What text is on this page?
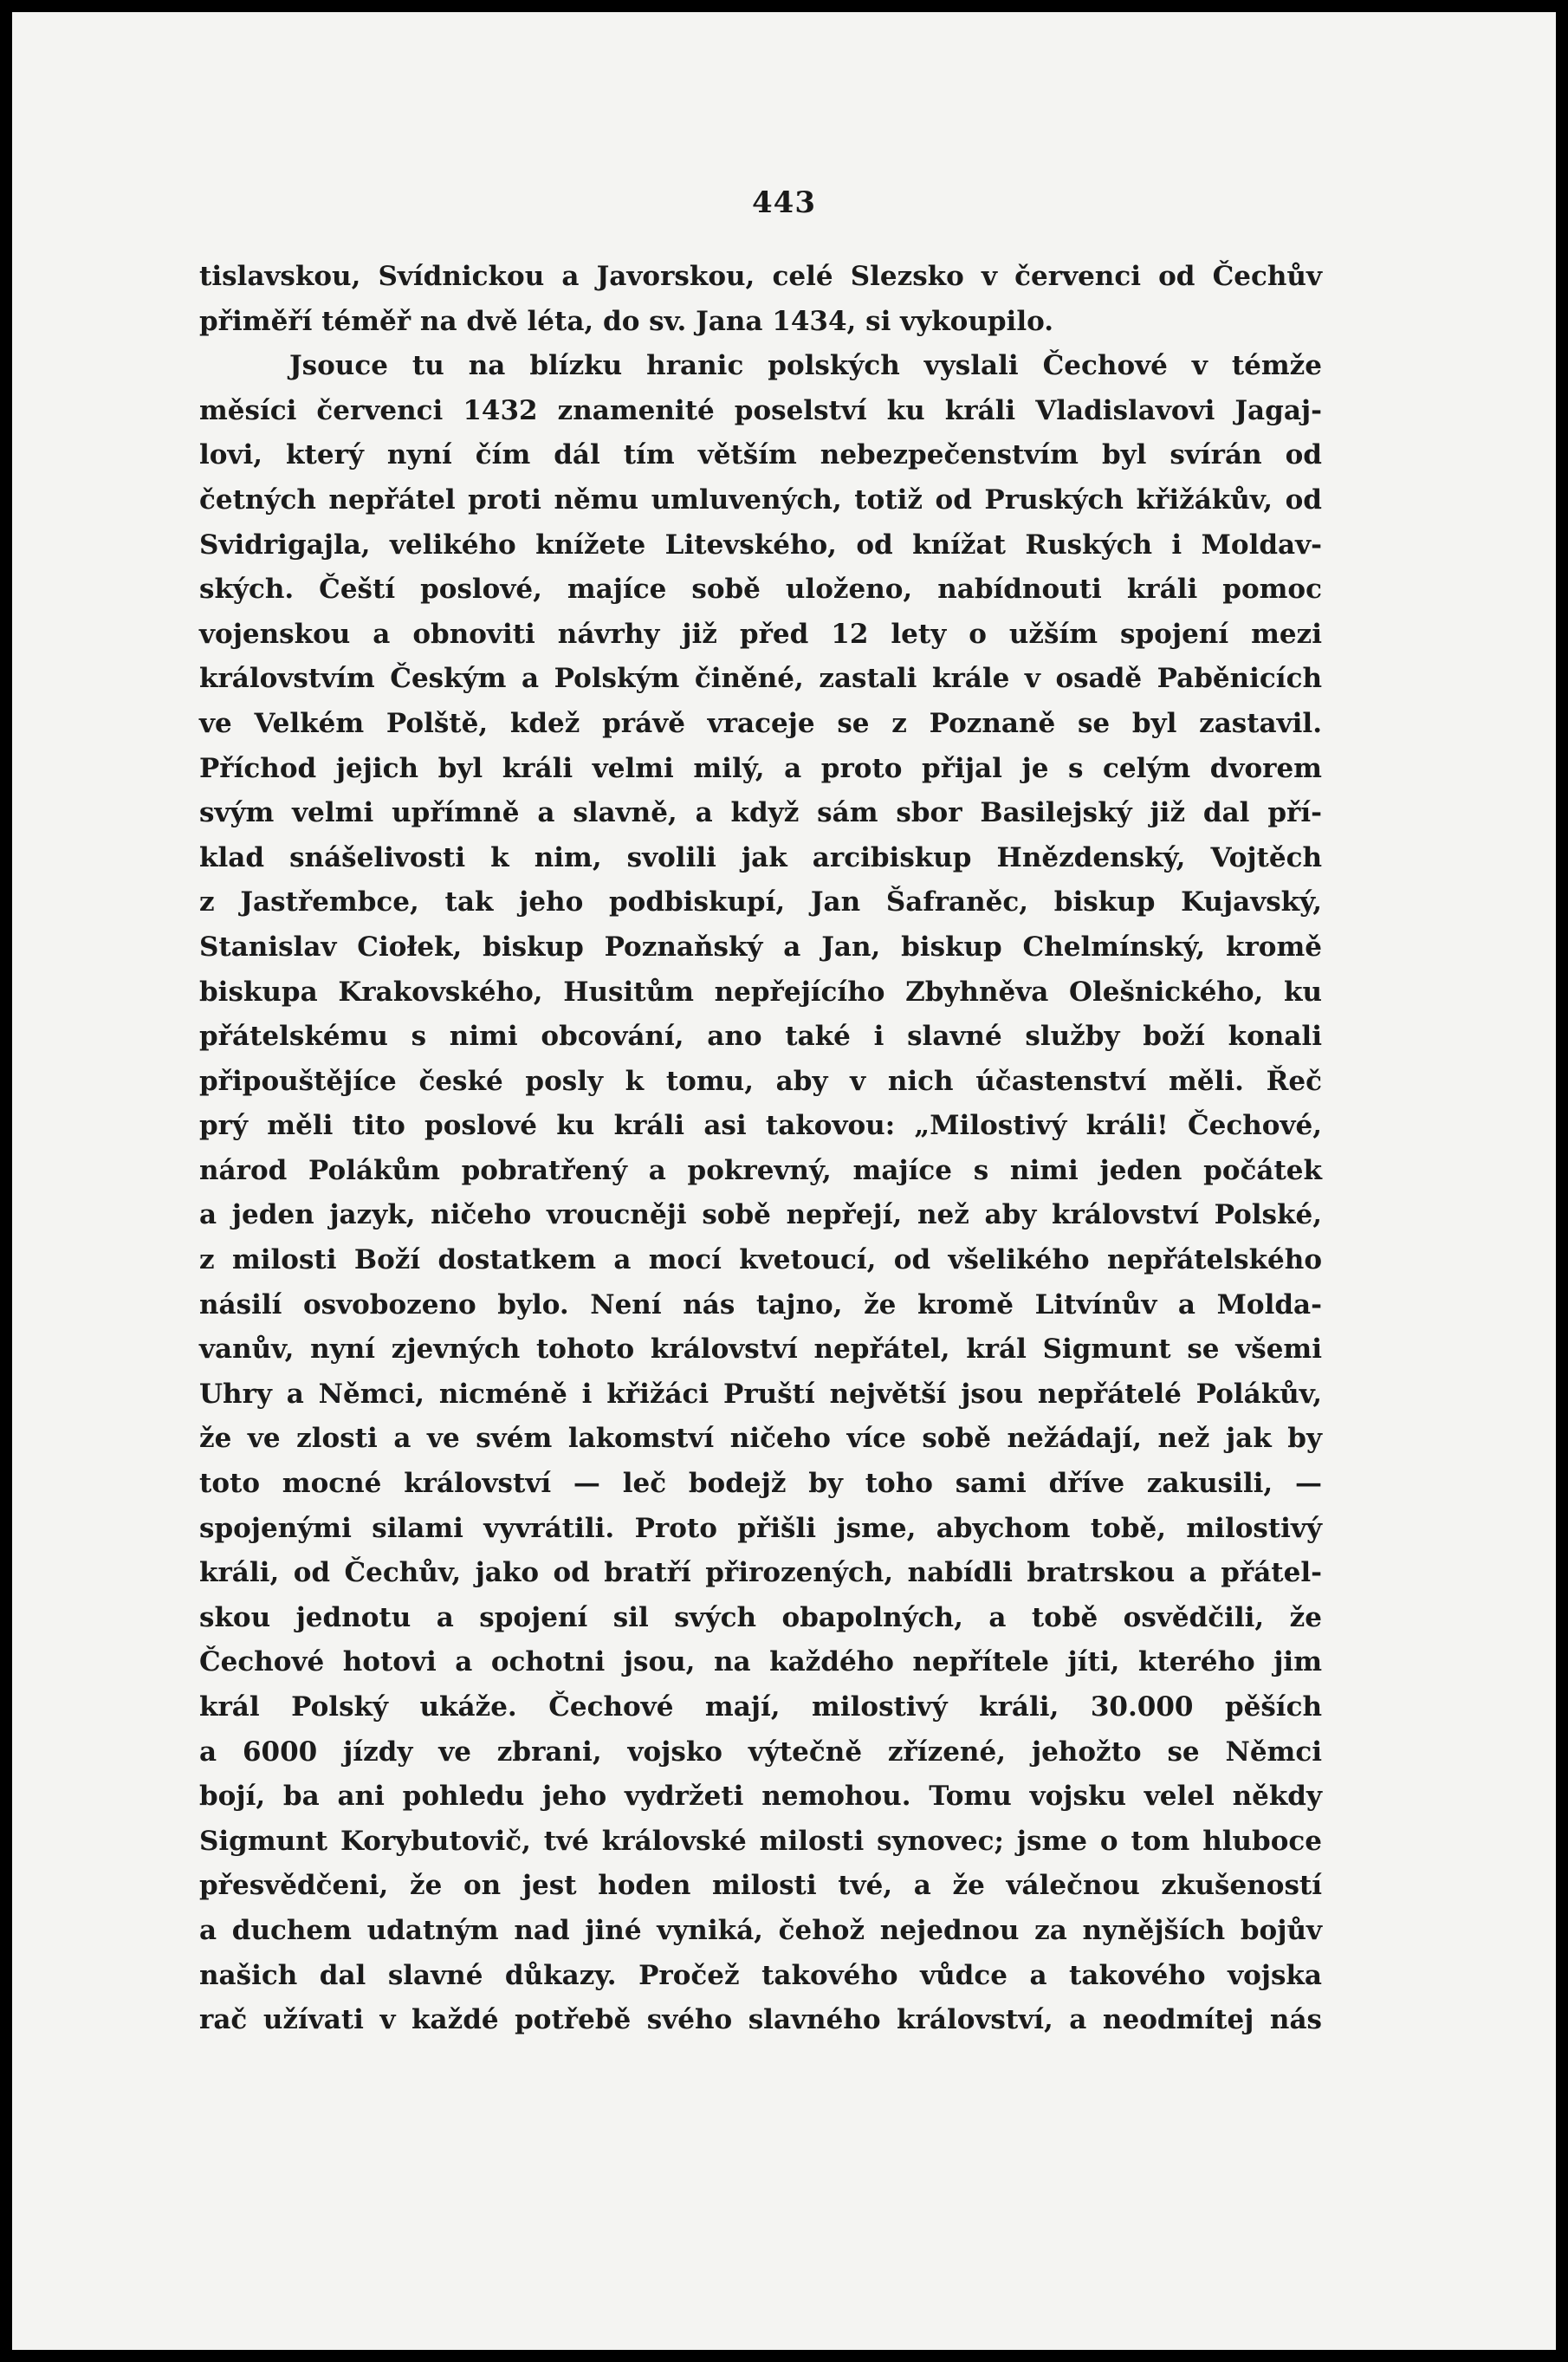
443
tislavskou, Svídnickou a Javorskou, celé Slezsko v červenci od Čechův
přiměří téměř na dvě léta, do sv. Jana 1434, si vykoupilo.
Jsouce tu na blízku hranic polských vyslali Čechové v témže
měsíci červenci 1432 znamenité poselství ku králi Vladislavovi Jagaj-
lovi, který nyní čím dál tím větším nebezpečenstvím byl svírán od
četných nepřátel proti němu umluvených, totiž od Pruských křižákův, od
Svidrigajla, velikého knížete Litevského, od knížat Ruských i Moldav-
ských. Čeští poslové, majíce sobě uloženo, nabídnouti králi pomoc
vojenskou a obnoviti návrhy již před 12 lety o užším spojení mezi
královstvím Českým a Polským činěné, zastali krále v osadě Paběnicích
ve Velkém Polště, kdež právě vraceje se z Poznaně se byl zastavil.
Příchod jejich byl králi velmi milý, a proto přijal je s celým dvorem
svým velmi upřímně a slavně, a když sám sbor Basilejský již dal pří-
klad snášelivosti k nim, svolili jak arcibiskup Hnězdenský, Vojtěch
z Jastřembce, tak jeho podbiskupí, Jan Šafraněc, biskup Kujavský,
Stanislav Ciołek, biskup Poznaňský a Jan, biskup Chelmínský, kromě
biskupa Krakovského, Husitům nepřejícího Zbyhněva Olešnického, ku
přátelskému s nimi obcování, ano také i slavné služby boží konali
připouštějíce české posly k tomu, aby v nich účastenství měli. Řeč
prý měli tito poslové ku králi asi takovou: „Milostivý králi! Čechové,
národ Polákům pobratřený a pokrevný, majíce s nimi jeden počátek
a jeden jazyk, ničeho vroucněji sobě nepřejí, než aby království Polské,
z milosti Boží dostatkem a mocí kvetoucí, od všelikého nepřátelského
násilí osvobozeno bylo. Není nás tajno, že kromě Litvínův a Molda-
vanův, nyní zjevných tohoto království nepřátel, král Sigmunt se všemi
Uhry a Němci, nicméně i křižáci Pruští největší jsou nepřátelé Polákův,
že ve zlosti a ve svém lakomství ničeho více sobě nežádají, než jak by
toto mocné království — leč bodejž by toho sami dříve zakusili, —
spojenými silami vyvrátili. Proto přišli jsme, abychom tobě, milostivý
králi, od Čechův, jako od bratří přirozených, nabídli bratrskou a přátel-
skou jednotu a spojení sil svých obapolných, a tobě osvědčili, že
Čechové hotovi a ochotni jsou, na každého nepřítele jíti, kterého jim
král Polský ukáže. Čechové mají, milostivý králi, 30.000 pěších
a 6000 jízdy ve zbrani, vojsko výtečně zřízené, jehožto se Němci
bojí, ba ani pohledu jeho vydržeti nemohou. Tomu vojsku velel někdy
Sigmunt Korybutovič, tvé královské milosti synovec; jsme o tom hluboce
přesvědčeni, že on jest hoden milosti tvé, a že válečnou zkušeností
a duchem udatným nad jiné vyniká, čehož nejednou za nynějších bojův
našich dal slavné důkazy. Pročež takového vůdce a takového vojska
rač užívati v každé potřebě svého slavného království, a neodmítej nás
